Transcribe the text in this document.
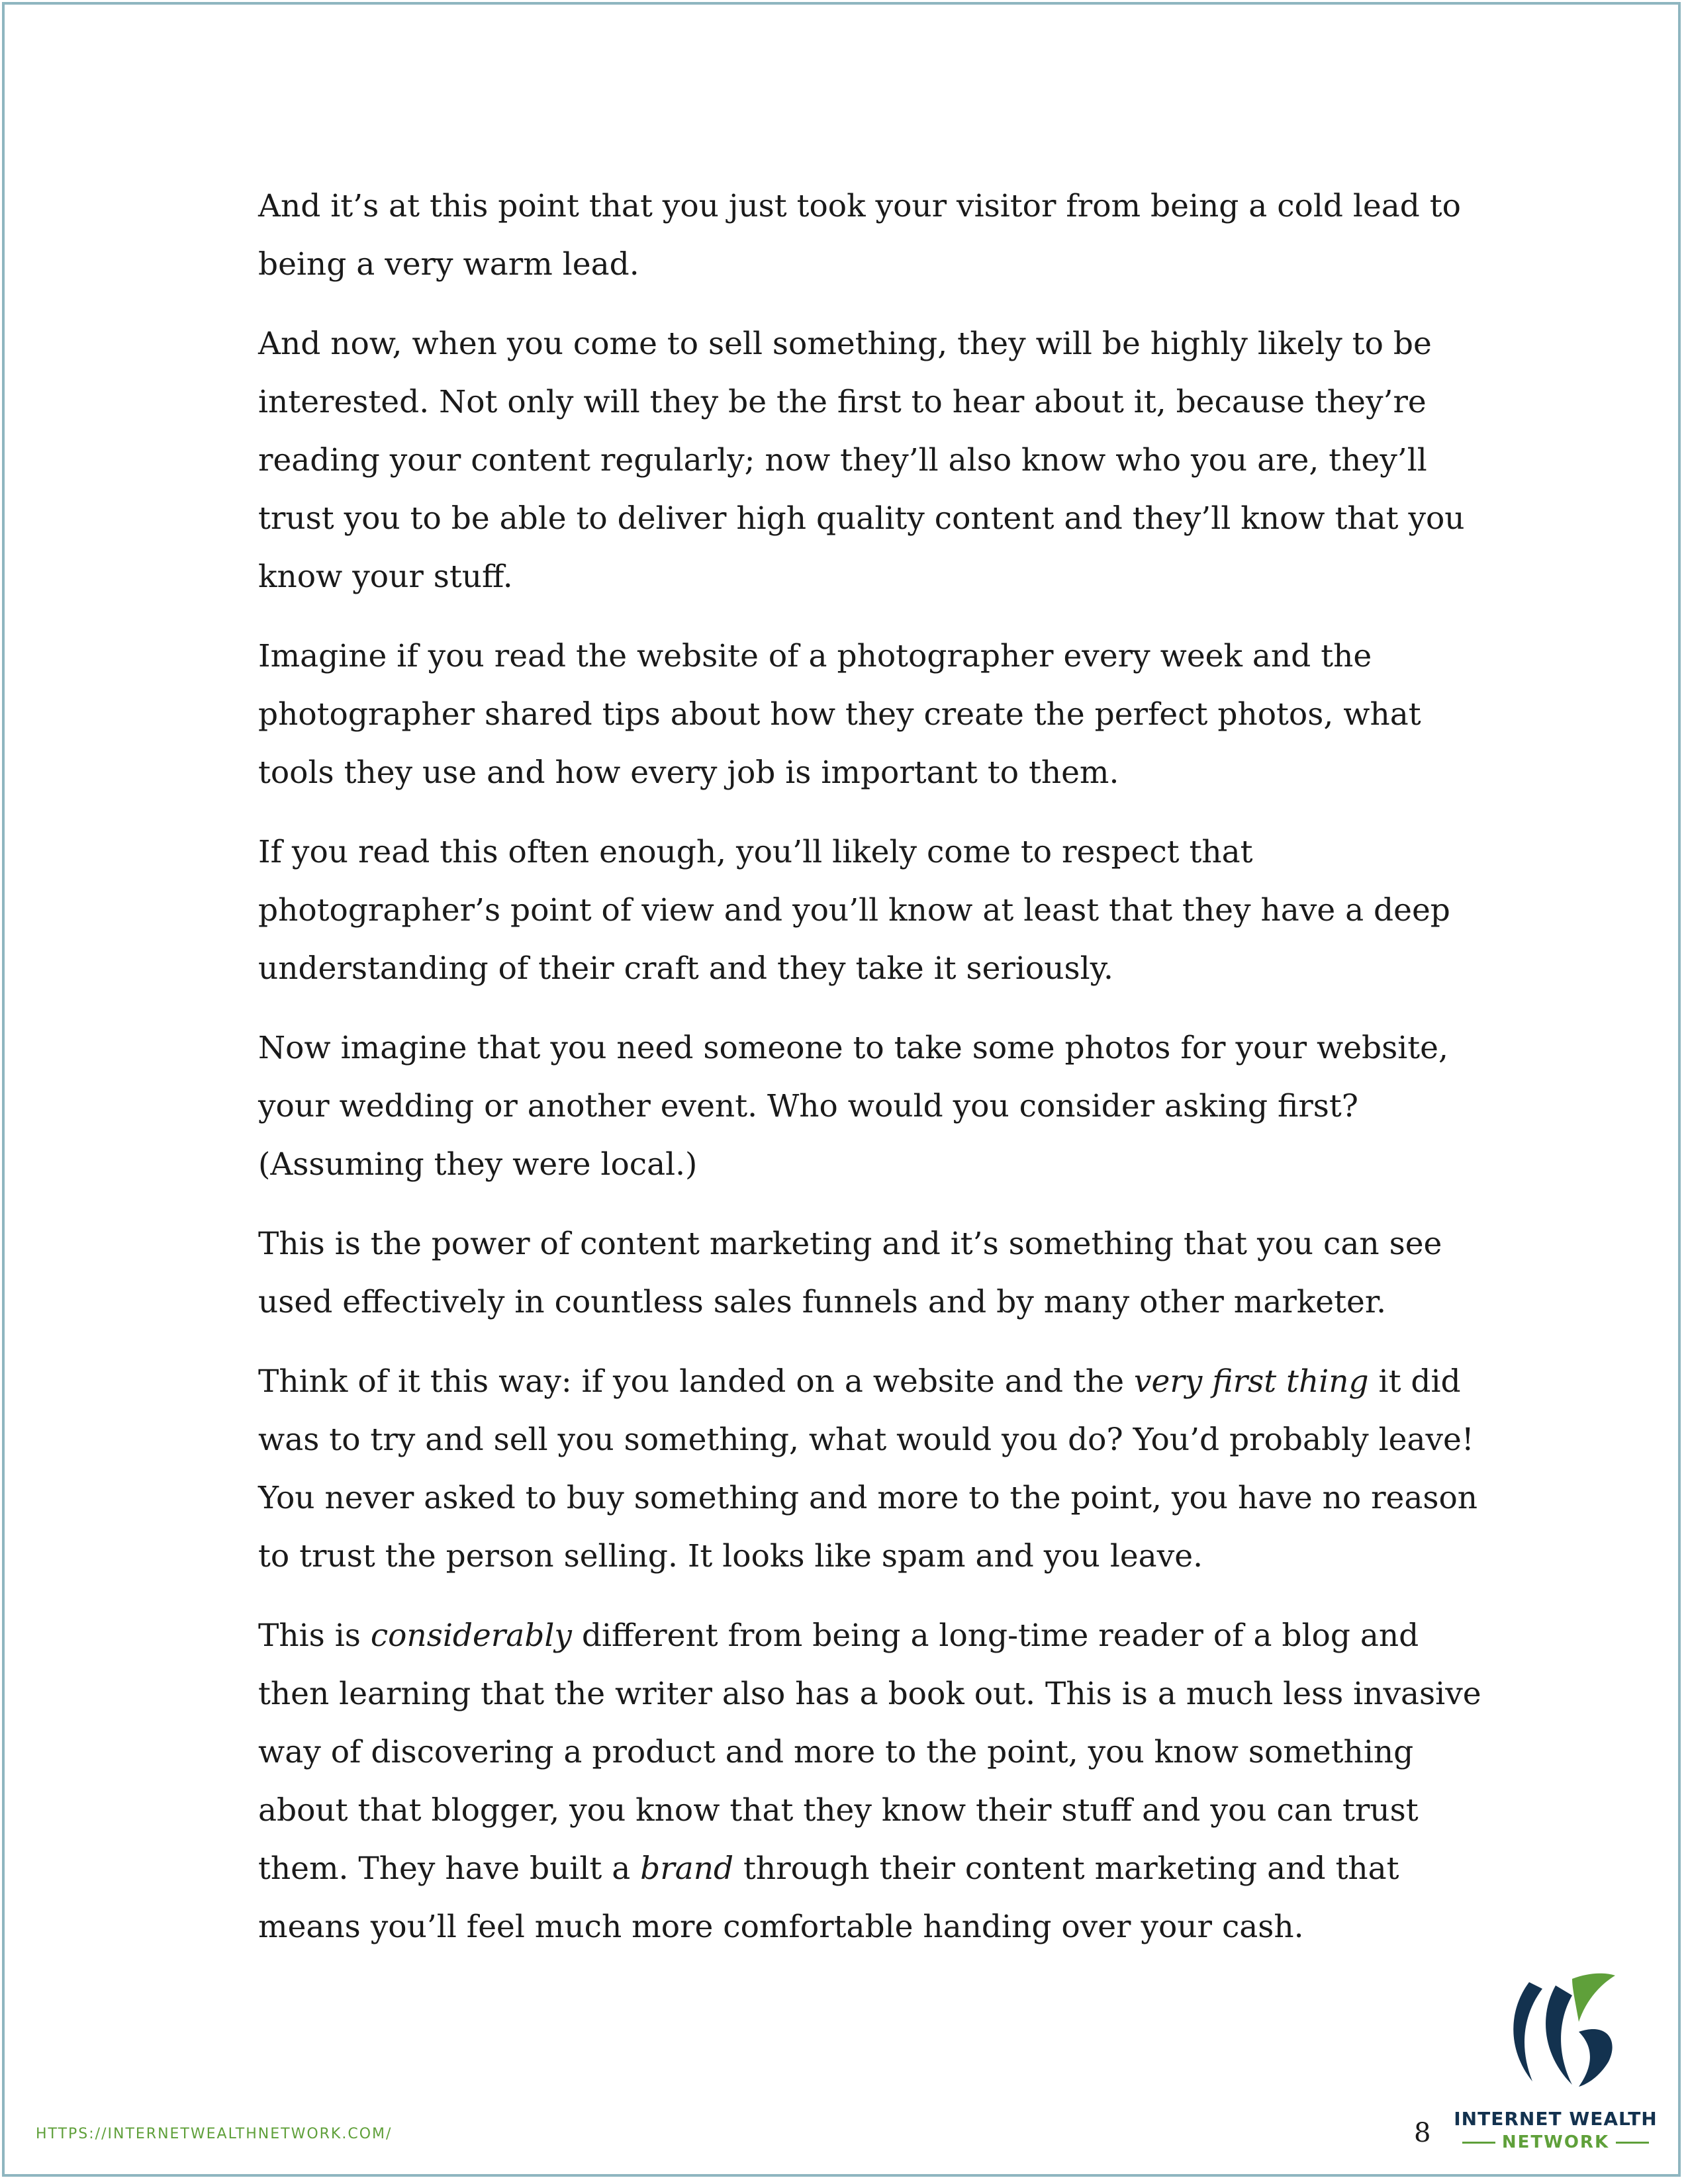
And it’s at this point that you just took your visitor from being a cold lead to
being a very warm lead.

And now, when you come to sell something, they will be highly likely to be
interested. Not only will they be the first to hear about it, because they’re
reading your content regularly; now they’ll also know who you are, they’ll
trust you to be able to deliver high quality content and they’ll know that you
know your stuff.

Imagine if you read the website of a photographer every week and the
photographer shared tips about how they create the perfect photos, what
tools they use and how every job is important to them.

If you read this often enough, you’ll likely come to respect that
photographer’s point of view and you’ll know at least that they have a deep
understanding of their craft and they take it seriously.

Now imagine that you need someone to take some photos for your website,
your wedding or another event. Who would you consider asking first?
(Assuming they were local.)

This is the power of content marketing and it’s something that you can see
used effectively in countless sales funnels and by many other marketer.

Think of it this way: if you landed on a website and the very first thing it did
was to try and sell you something, what would you do? You’d probably leave!
You never asked to buy something and more to the point, you have no reason
to trust the person selling. It looks like spam and you leave.

This is considerably different from being a long-time reader of a blog and
then learning that the writer also has a book out. This is a much less invasive
way of discovering a product and more to the point, you know something
about that blogger, you know that they know their stuff and you can trust
them. They have built a brand through their content marketing and that
means you’ll feel much more comfortable handing over your cash.

HTTPS://INTERNETWEALTHNETWORK.COM/	8 INTERNET WEALTH
NETWORK
